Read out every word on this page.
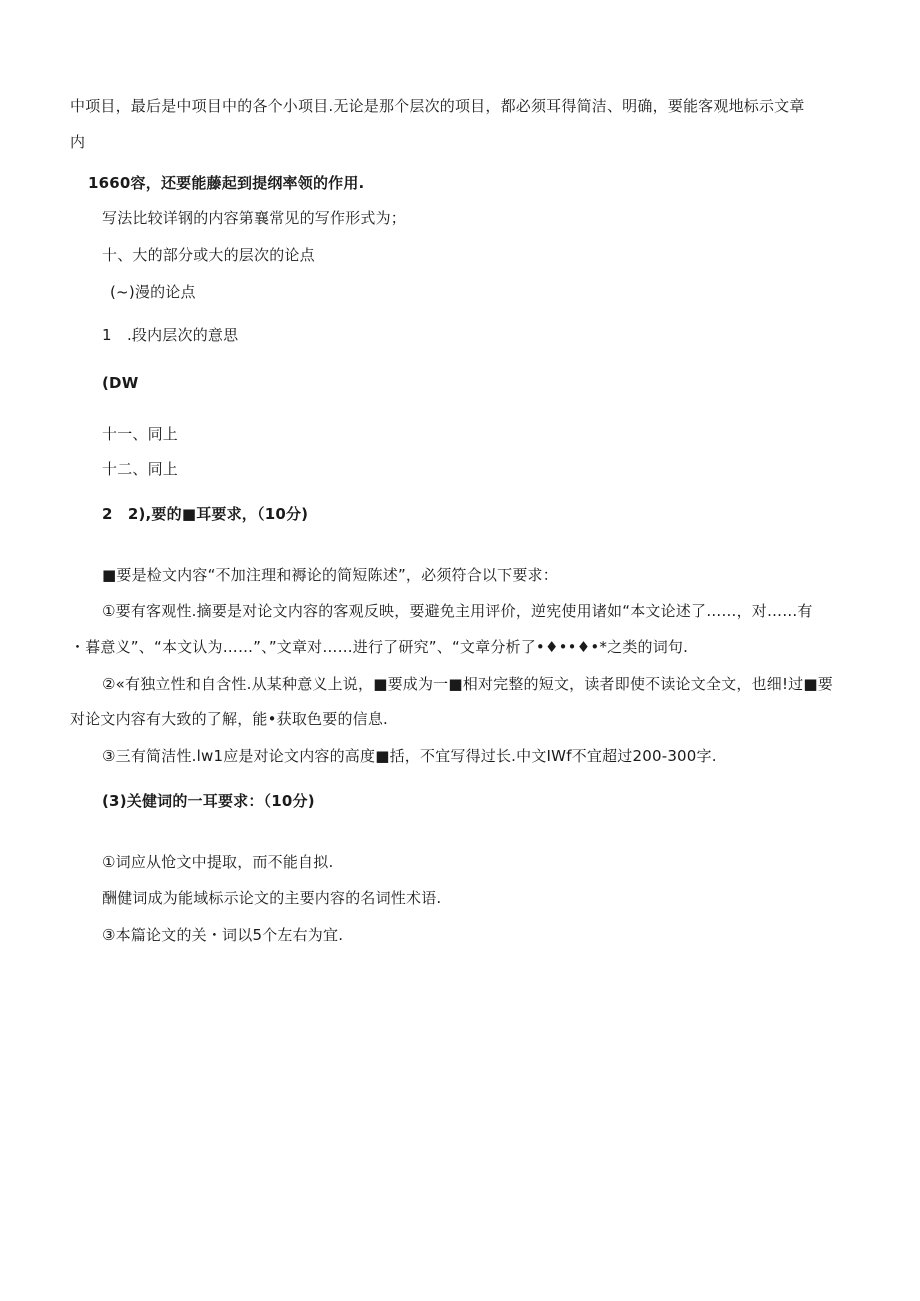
中项目，最后是中项目中的各个小项目.无论是那个层次的项目，都必须耳得简洁、明确，要能客观地标示文章
内
1660容，还要能藤起到提纲率领的作用.
写法比较详钢的内容第襄常见的写作形式为；
十、大的部分或大的层次的论点
(~)漫的论点
1　.段内层次的意思
(DW
十一、同上
十二、同上
2　2),要的■耳要求，（10分)
■要是检文内容“不加注理和褥论的简短陈述”，必须符合以下要求：
①要有客观性.摘要是对论文内容的客观反映，要避免主用评价，逆宪使用诸如“本文论述了……，对……有
・暮意义”、“本文认为……”、”文章对……进行了研究”、“文章分析了•♦••♦•*之类的词句.
②«有独立性和自含性.从某种意义上说，■要成为一■相对完整的短文，读者即使不读论文全文，也细!过■要
对论文内容有大致的了解，能•获取色要的信息.
③三有简洁性.lw1应是对论文内容的高度■括，不宜写得过长.中文IWf不宜超过200-300字.
(3)关健词的一耳要求：（10分)
①词应从怆文中提取，而不能自拟.
酬健词成为能域标示论文的主要内容的名词性术语.
③本篇论文的关・词以5个左右为宜.
